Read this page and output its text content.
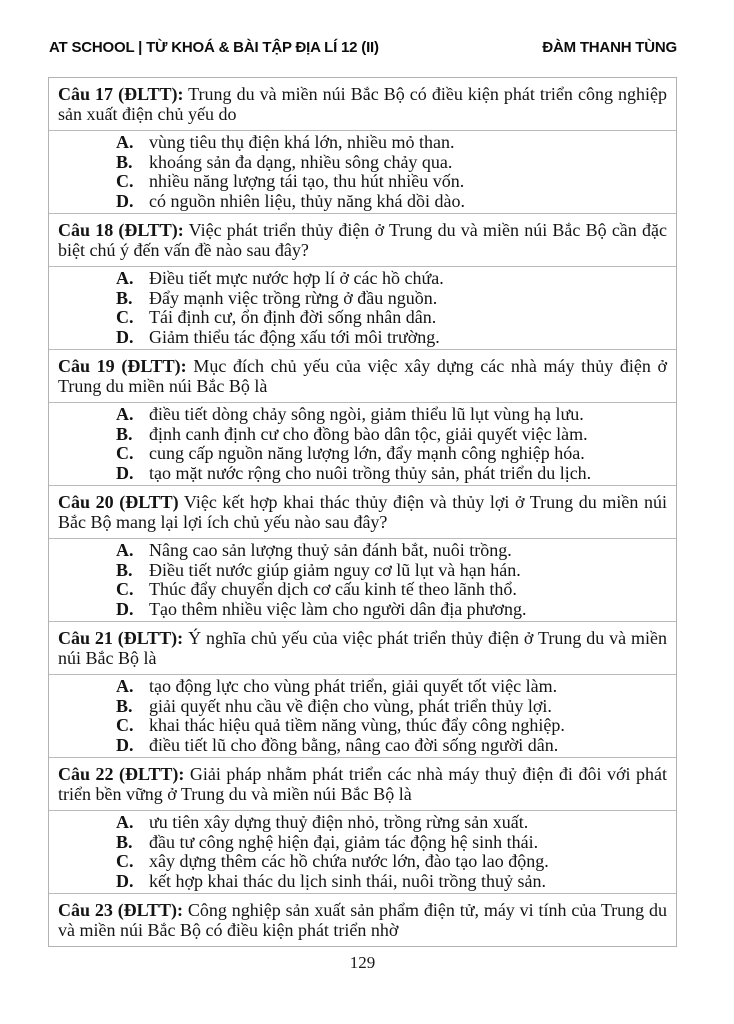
AT SCHOOL | TỪ KHOÁ & BÀI TẬP ĐỊA LÍ 12 (II)	ĐÀM THANH TÙNG
Câu 17 (ĐLTT): Trung du và miền núi Bắc Bộ có điều kiện phát triển công nghiệp sản xuất điện chủ yếu do
A. vùng tiêu thụ điện khá lớn, nhiều mỏ than.
B. khoáng sản đa dạng, nhiều sông chảy qua.
C. nhiều năng lượng tái tạo, thu hút nhiều vốn.
D. có nguồn nhiên liệu, thủy năng khá dồi dào.
Câu 18 (ĐLTT): Việc phát triển thủy điện ở Trung du và miền núi Bắc Bộ cần đặc biệt chú ý đến vấn đề nào sau đây?
A. Điều tiết mực nước hợp lí ở các hồ chứa.
B. Đẩy mạnh việc trồng rừng ở đầu nguồn.
C. Tái định cư, ổn định đời sống nhân dân.
D. Giảm thiểu tác động xấu tới môi trường.
Câu 19 (ĐLTT): Mục đích chủ yếu của việc xây dựng các nhà máy thủy điện ở Trung du miền núi Bắc Bộ là
A. điều tiết dòng chảy sông ngòi, giảm thiểu lũ lụt vùng hạ lưu.
B. định canh định cư cho đồng bào dân tộc, giải quyết việc làm.
C. cung cấp nguồn năng lượng lớn, đẩy mạnh công nghiệp hóa.
D. tạo mặt nước rộng cho nuôi trồng thủy sản, phát triển du lịch.
Câu 20 (ĐLTT) Việc kết hợp khai thác thủy điện và thủy lợi ở Trung du miền núi Bắc Bộ mang lại lợi ích chủ yếu nào sau đây?
A. Nâng cao sản lượng thuỷ sản đánh bắt, nuôi trồng.
B. Điều tiết nước giúp giảm nguy cơ lũ lụt và hạn hán.
C. Thúc đẩy chuyển dịch cơ cấu kinh tế theo lãnh thổ.
D. Tạo thêm nhiều việc làm cho người dân địa phương.
Câu 21 (ĐLTT): Ý nghĩa chủ yếu của việc phát triển thủy điện ở Trung du và miền núi Bắc Bộ là
A. tạo động lực cho vùng phát triển, giải quyết tốt việc làm.
B. giải quyết nhu cầu về điện cho vùng, phát triển thủy lợi.
C. khai thác hiệu quả tiềm năng vùng, thúc đẩy công nghiệp.
D. điều tiết lũ cho đồng bằng, nâng cao đời sống người dân.
Câu 22 (ĐLTT): Giải pháp nhằm phát triển các nhà máy thuỷ điện đi đôi với phát triển bền vững ở Trung du và miền núi Bắc Bộ là
A. ưu tiên xây dựng thuỷ điện nhỏ, trồng rừng sản xuất.
B. đầu tư công nghệ hiện đại, giảm tác động hệ sinh thái.
C. xây dựng thêm các hồ chứa nước lớn, đào tạo lao động.
D. kết hợp khai thác du lịch sinh thái, nuôi trồng thuỷ sản.
Câu 23 (ĐLTT): Công nghiệp sản xuất sản phẩm điện tử, máy vi tính của Trung du và miền núi Bắc Bộ có điều kiện phát triển nhờ
129
